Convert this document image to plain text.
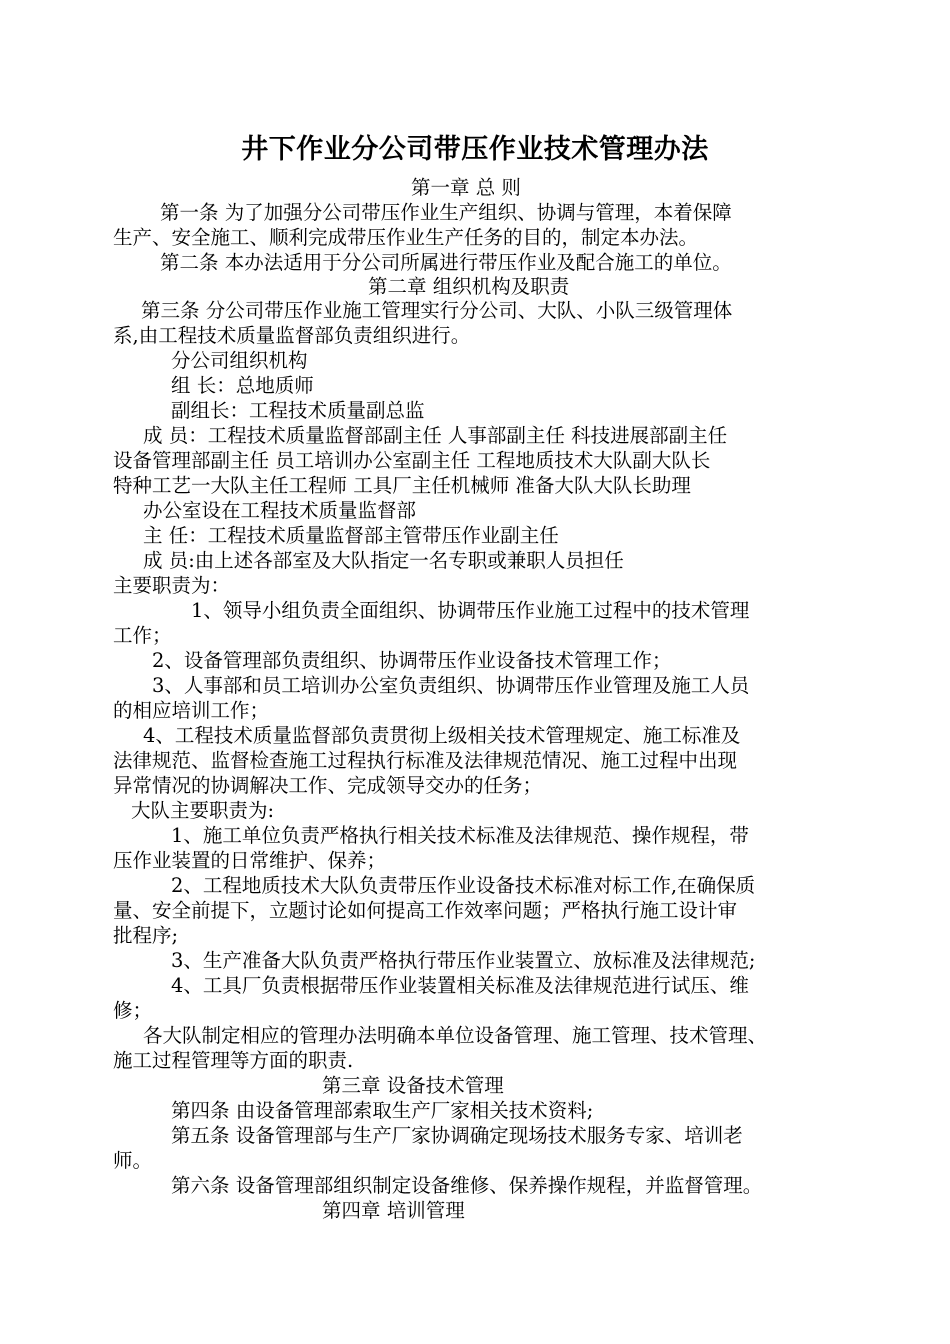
井下作业分公司带压作业技术管理办法
第一章 总 则
第一条 为了加强分公司带压作业生产组织、协调与管理，本着保障
生产、安全施工、顺利完成带压作业生产任务的目的，制定本办法。
第二条 本办法适用于分公司所属进行带压作业及配合施工的单位。
第二章 组织机构及职责
第三条 分公司带压作业施工管理实行分公司、大队、小队三级管理体
系,由工程技术质量监督部负责组织进行。
分公司组织机构
组 长：总地质师
副组长：工程技术质量副总监
成 员：工程技术质量监督部副主任 人事部副主任 科技进展部副主任
设备管理部副主任 员工培训办公室副主任 工程地质技术大队副大队长
特种工艺一大队主任工程师 工具厂主任机械师 准备大队大队长助理
办公室设在工程技术质量监督部
主 任：工程技术质量监督部主管带压作业副主任
成 员:由上述各部室及大队指定一名专职或兼职人员担任
主要职责为：
1、领导小组负责全面组织、协调带压作业施工过程中的技术管理
工作；
2、设备管理部负责组织、协调带压作业设备技术管理工作；
3、人事部和员工培训办公室负责组织、协调带压作业管理及施工人员
的相应培训工作；
4、工程技术质量监督部负责贯彻上级相关技术管理规定、施工标准及
法律规范、监督检查施工过程执行标准及法律规范情况、施工过程中出现
异常情况的协调解决工作、完成领导交办的任务；
大队主要职责为:
1、施工单位负责严格执行相关技术标准及法律规范、操作规程，带
压作业装置的日常维护、保养；
2、工程地质技术大队负责带压作业设备技术标准对标工作,在确保质
量、安全前提下，立题讨论如何提高工作效率问题；严格执行施工设计审
批程序;
3、生产准备大队负责严格执行带压作业装置立、放标准及法律规范;
4、工具厂负责根据带压作业装置相关标准及法律规范进行试压、维
修；
各大队制定相应的管理办法明确本单位设备管理、施工管理、技术管理、
施工过程管理等方面的职责.
第三章 设备技术管理
第四条 由设备管理部索取生产厂家相关技术资料;
第五条 设备管理部与生产厂家协调确定现场技术服务专家、培训老
师。
第六条 设备管理部组织制定设备维修、保养操作规程，并监督管理。
第四章 培训管理
